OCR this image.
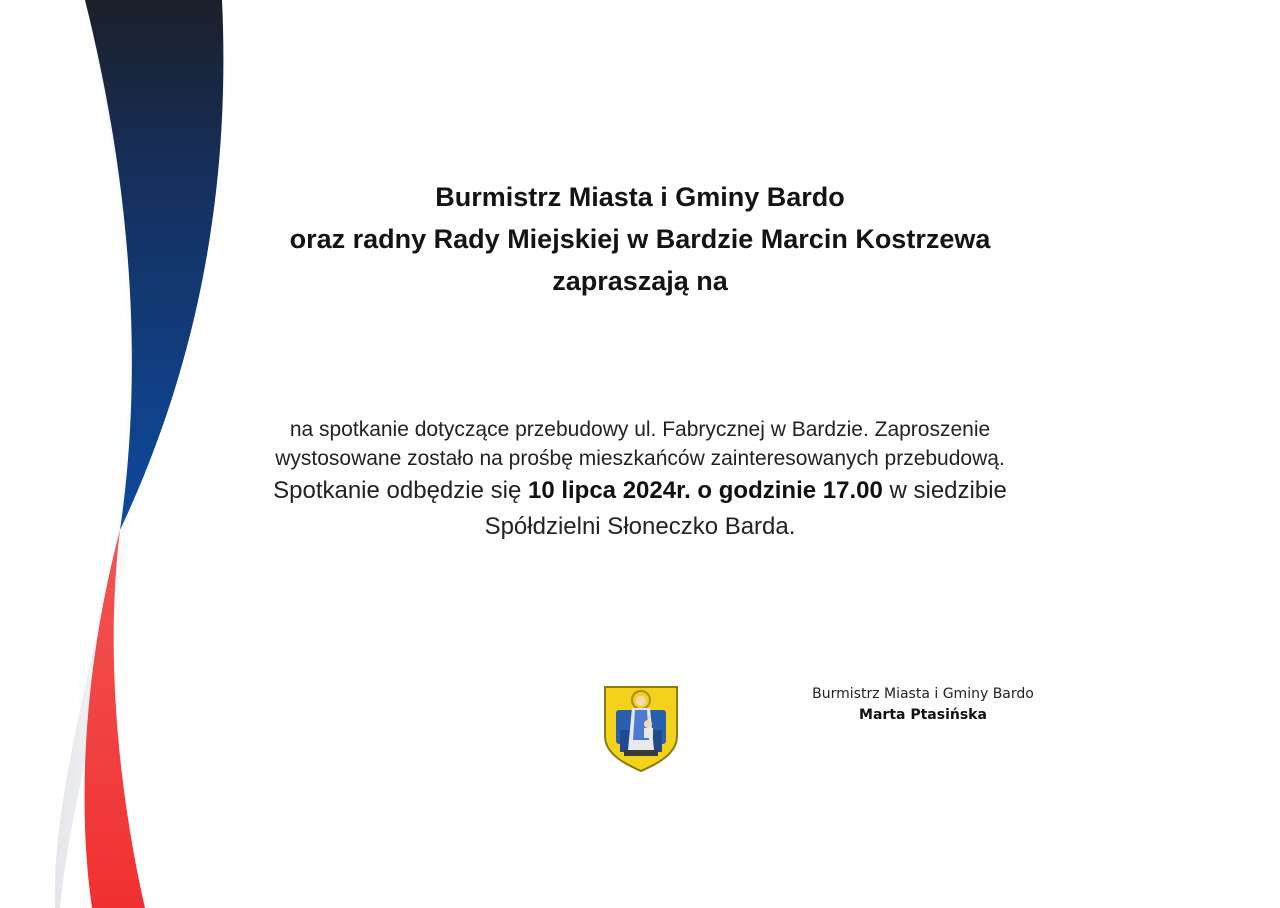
Burmistrz Miasta i Gminy Bardo
oraz radny Rady Miejskiej w Bardzie Marcin Kostrzewa
zapraszają na
na spotkanie dotyczące przebudowy ul. Fabrycznej w Bardzie. Zaproszenie
wystosowane zostało na prośbę mieszkańców zainteresowanych przebudową.
Spotkanie odbędzie się 10 lipca 2024r. o godzinie 17.00 w siedzibie
Spółdzielni Słoneczko Barda.
Burmistrz Miasta i Gminy Bardo
Marta Ptasińska
